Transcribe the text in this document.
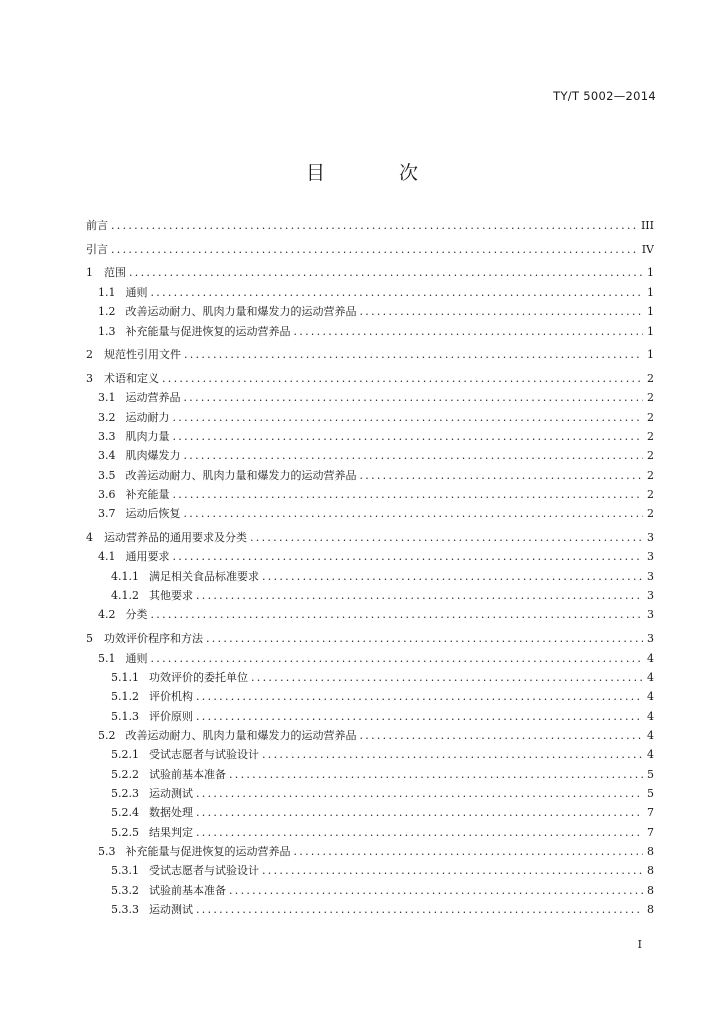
TY/T 5002—2014
目 次
前言 .....	III
引言 .....	IV
1 范围 .....	1
1.1 通则 .....	1
1.2 改善运动耐力、肌肉力量和爆发力的运动营养品 .....	1
1.3 补充能量与促进恢复的运动营养品 .....	1
2 规范性引用文件 .....	1
3 术语和定义 .....	2
3.1 运动营养品 .....	2
3.2 运动耐力 .....	2
3.3 肌肉力量 .....	2
3.4 肌肉爆发力 .....	2
3.5 改善运动耐力、肌肉力量和爆发力的运动营养品 .....	2
3.6 补充能量 .....	2
3.7 运动后恢复 .....	2
4 运动营养品的通用要求及分类 .....	3
4.1 通用要求 .....	3
4.1.1 满足相关食品标准要求 .....	3
4.1.2 其他要求 .....	3
4.2 分类 .....	3
5 功效评价程序和方法 .....	3
5.1 通则 .....	4
5.1.1 功效评价的委托单位 .....	4
5.1.2 评价机构 .....	4
5.1.3 评价原则 .....	4
5.2 改善运动耐力、肌肉力量和爆发力的运动营养品 .....	4
5.2.1 受试志愿者与试验设计 .....	4
5.2.2 试验前基本准备 .....	5
5.2.3 运动测试 .....	5
5.2.4 数据处理 .....	7
5.2.5 结果判定 .....	7
5.3 补充能量与促进恢复的运动营养品 .....	8
5.3.1 受试志愿者与试验设计 .....	8
5.3.2 试验前基本准备 .....	8
5.3.3 运动测试 .....	8
I
